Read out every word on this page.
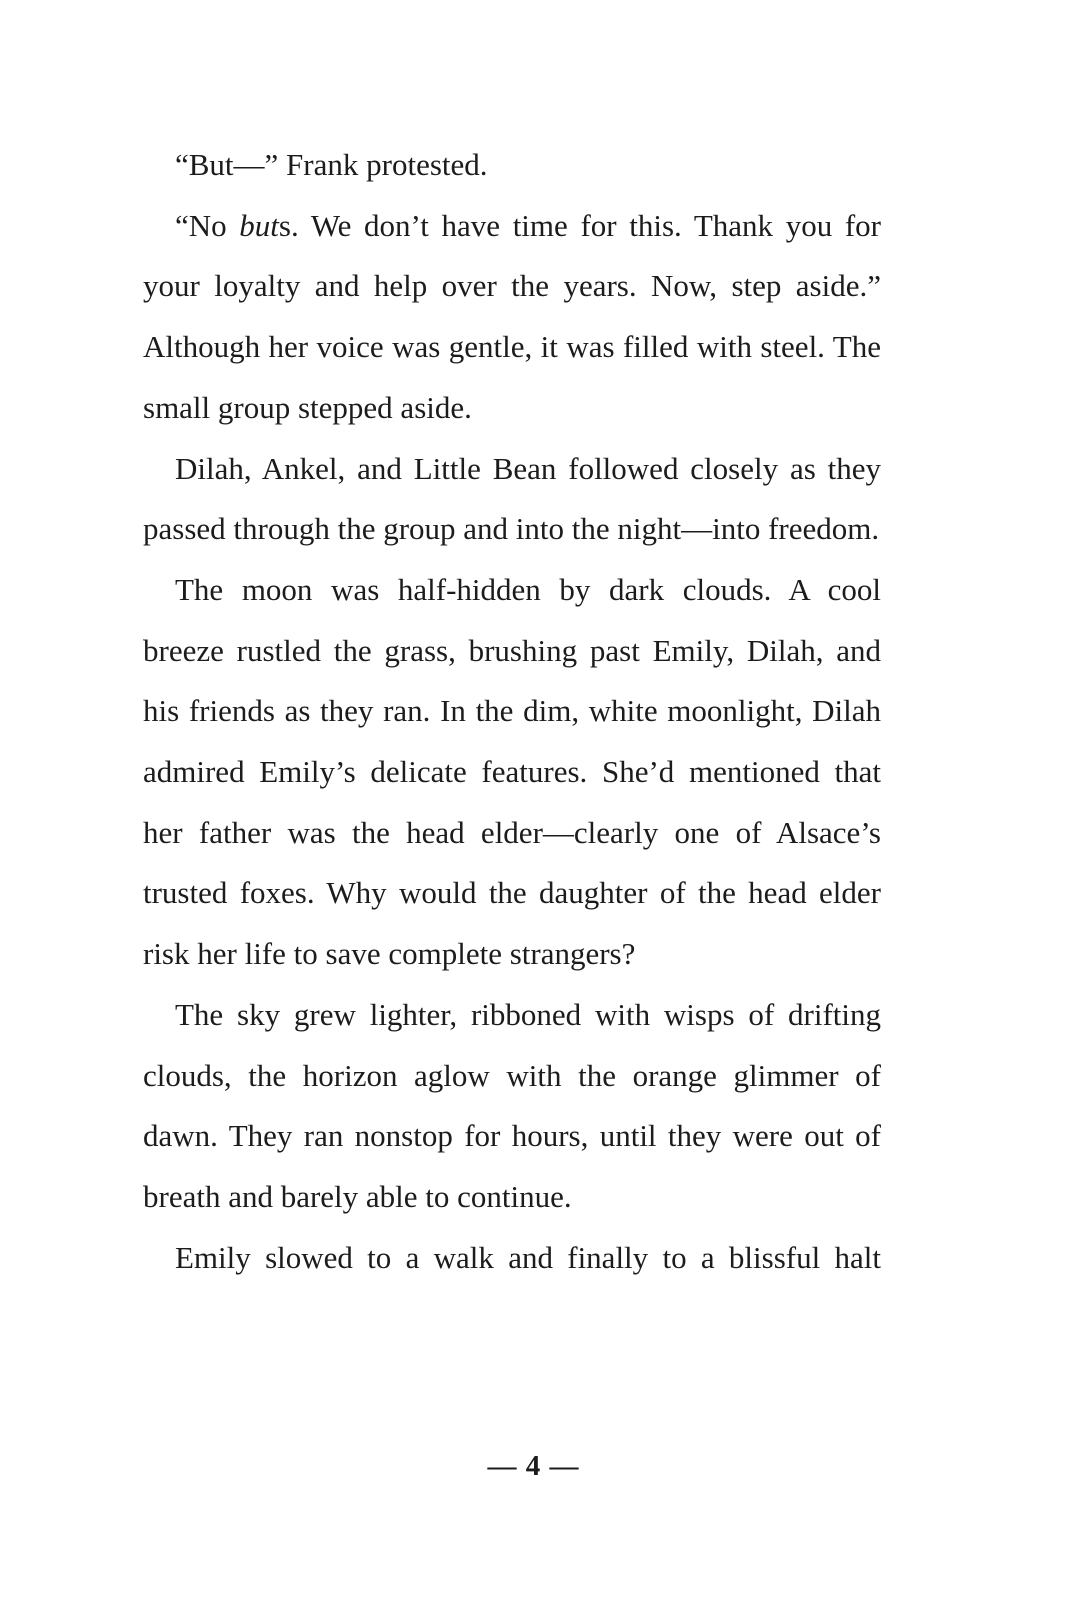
“But—” Frank protested.

“No buts. We don’t have time for this. Thank you for your loyalty and help over the years. Now, step aside.” Although her voice was gentle, it was filled with steel. The small group stepped aside.

Dilah, Ankel, and Little Bean followed closely as they passed through the group and into the night—into freedom.

The moon was half-hidden by dark clouds. A cool breeze rustled the grass, brushing past Emily, Dilah, and his friends as they ran. In the dim, white moonlight, Dilah admired Emily’s delicate features. She’d mentioned that her father was the head elder—clearly one of Alsace’s trusted foxes. Why would the daughter of the head elder risk her life to save complete strangers?

The sky grew lighter, ribboned with wisps of drifting clouds, the horizon aglow with the orange glimmer of dawn. They ran nonstop for hours, until they were out of breath and barely able to continue.

Emily slowed to a walk and finally to a blissful halt

— 4 —
